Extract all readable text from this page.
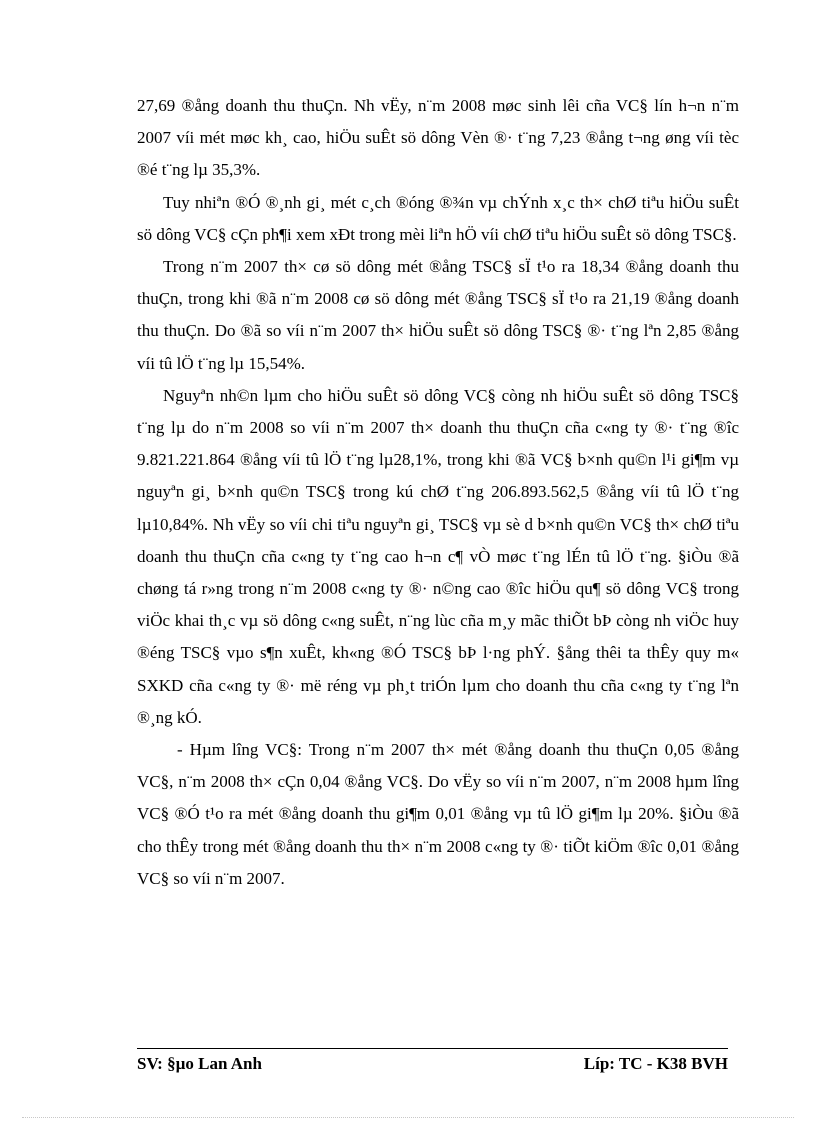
27,69 ®ång doanh thu thuÇn. Nh vËy, n¨m 2008 møc sinh lêi cña VC§ lín h¬n n¨m 2007 víi mét møc kh¸ cao, hiÖu suÊt sö dông Vèn ®· t¨ng 7,23 ®ång t¬ng øng víi tèc ®é t¨ng lµ 35,3%.

Tuy nhiªn ®Ó ®¸nh gi¸ mét c¸ch ®óng ®¾n vµ chÝnh x¸c th× chØ tiªu hiÖu suÊt sö dông VC§ cÇn ph¶i xem xÐt trong mèi liªn hÖ víi chØ tiªu hiÖu suÊt sö dông TSC§.

Trong n¨m 2007 th× cø sö dông mét ®ång TSC§ sÏ t¹o ra 18,34 ®ång doanh thu thuÇn, trong khi ®ã n¨m 2008 cø sö dông mét ®ång TSC§ sÏ t¹o ra 21,19 ®ång doanh thu thuÇn. Do ®ã so víi n¨m 2007 th× hiÖu suÊt sö dông TSC§ ®· t¨ng lªn 2,85 ®ång víi tû lÖ t¨ng lµ 15,54%.

Nguyªn nh©n lµm cho hiÖu suÊt sö dông VC§ còng nh hiÖu suÊt sö dông TSC§ t¨ng lµ do n¨m 2008 so víi n¨m 2007 th× doanh thu thuÇn cña c«ng ty ®· t¨ng ®îc 9.821.221.864 ®ång víi tû lÖ t¨ng lµ28,1%, trong khi ®ã VC§ b×nh qu©n l¹i gi¶m vµ nguyªn gi¸ b×nh qu©n TSC§ trong kú chØ t¨ng 206.893.562,5 ®ång víi tû lÖ t¨ng lµ10,84%. Nh vËy so víi chi tiªu nguyªn gi¸ TSC§ vµ sè d b×nh qu©n VC§ th× chØ tiªu doanh thu thuÇn cña c«ng ty t¨ng cao h¬n c¶ vÒ møc t¨ng lÉn tû lÖ t¨ng. §iÒu ®ã chøng tá r»ng trong n¨m 2008 c«ng ty ®· n©ng cao ®îc hiÖu qu¶ sö dông VC§ trong viÖc khai th¸c vµ sö dông c«ng suÊt, n¨ng lùc cña m¸y mãc thiÕt bÞ còng nh viÖc huy ®éng TSC§ vµo s¶n xuÊt, kh«ng ®Ó TSC§ bÞ l·ng phÝ. §ång thêi ta thÊy quy m« SXKD cña c«ng ty ®· më réng vµ ph¸t triÓn lµm cho doanh thu cña c«ng ty t¨ng lªn ®¸ng kÓ.

- Hµm lîng VC§: Trong n¨m 2007 th× mét ®ång doanh thu thuÇn 0,05 ®ång VC§, n¨m 2008 th× cÇn 0,04 ®ång VC§. Do vËy so víi n¨m 2007, n¨m 2008 hµm lîng VC§ ®Ó t¹o ra mét ®ång doanh thu gi¶m 0,01 ®ång vµ tû lÖ gi¶m lµ 20%. §iÒu ®ã cho thÊy trong mét ®ång doanh thu th× n¨m 2008 c«ng ty ®· tiÕt kiÖm ®îc 0,01 ®ång VC§ so víi n¨m 2007.

SV: §µo Lan Anh	Líp: TC - K38 BVH
